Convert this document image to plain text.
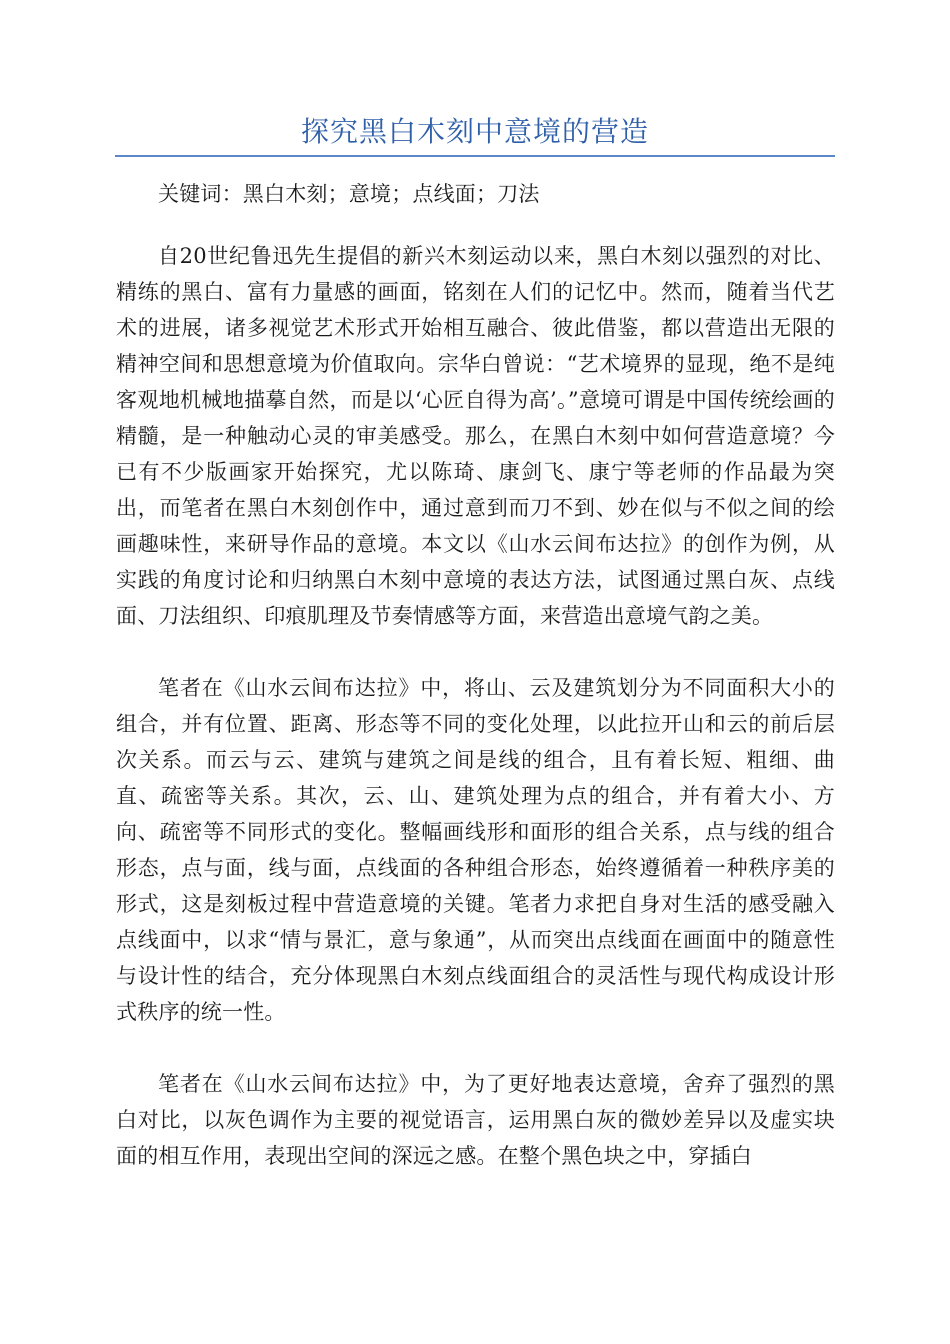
探究黑白木刻中意境的营造

关键词：黑白木刻；意境；点线面；刀法

自20世纪鲁迅先生提倡的新兴木刻运动以来，黑白木刻以强烈的对比、精练的黑白、富有力量感的画面，铭刻在人们的记忆中。然而，随着当代艺术的进展，诸多视觉艺术形式开始相互融合、彼此借鉴，都以营造出无限的精神空间和思想意境为价值取向。宗华白曾说：“艺术境界的显现，绝不是纯客观地机械地描摹自然，而是以‘心匠自得为高’。”意境可谓是中国传统绘画的精髓，是一种触动心灵的审美感受。那么，在黑白木刻中如何营造意境？今已有不少版画家开始探究，尤以陈琦、康剑飞、康宁等老师的作品最为突出，而笔者在黑白木刻创作中，通过意到而刀不到、妙在似与不似之间的绘画趣味性，来研导作品的意境。本文以《山水云间布达拉》的创作为例，从实践的角度讨论和归纳黑白木刻中意境的表达方法，试图通过黑白灰、点线面、刀法组织、印痕肌理及节奏情感等方面，来营造出意境气韵之美。

笔者在《山水云间布达拉》中，将山、云及建筑划分为不同面积大小的组合，并有位置、距离、形态等不同的变化处理，以此拉开山和云的前后层次关系。而云与云、建筑与建筑之间是线的组合，且有着长短、粗细、曲直、疏密等关系。其次，云、山、建筑处理为点的组合，并有着大小、方向、疏密等不同形式的变化。整幅画线形和面形的组合关系，点与线的组合形态，点与面，线与面，点线面的各种组合形态，始终遵循着一种秩序美的形式，这是刻板过程中营造意境的关键。笔者力求把自身对生活的感受融入点线面中，以求“情与景汇，意与象通”，从而突出点线面在画面中的随意性与设计性的结合，充分体现黑白木刻点线面组合的灵活性与现代构成设计形式秩序的统一性。

笔者在《山水云间布达拉》中，为了更好地表达意境，舍弃了强烈的黑白对比，以灰色调作为主要的视觉语言，运用黑白灰的微妙差异以及虚实块面的相互作用，表现出空间的深远之感。在整个黑色块之中，穿插白
